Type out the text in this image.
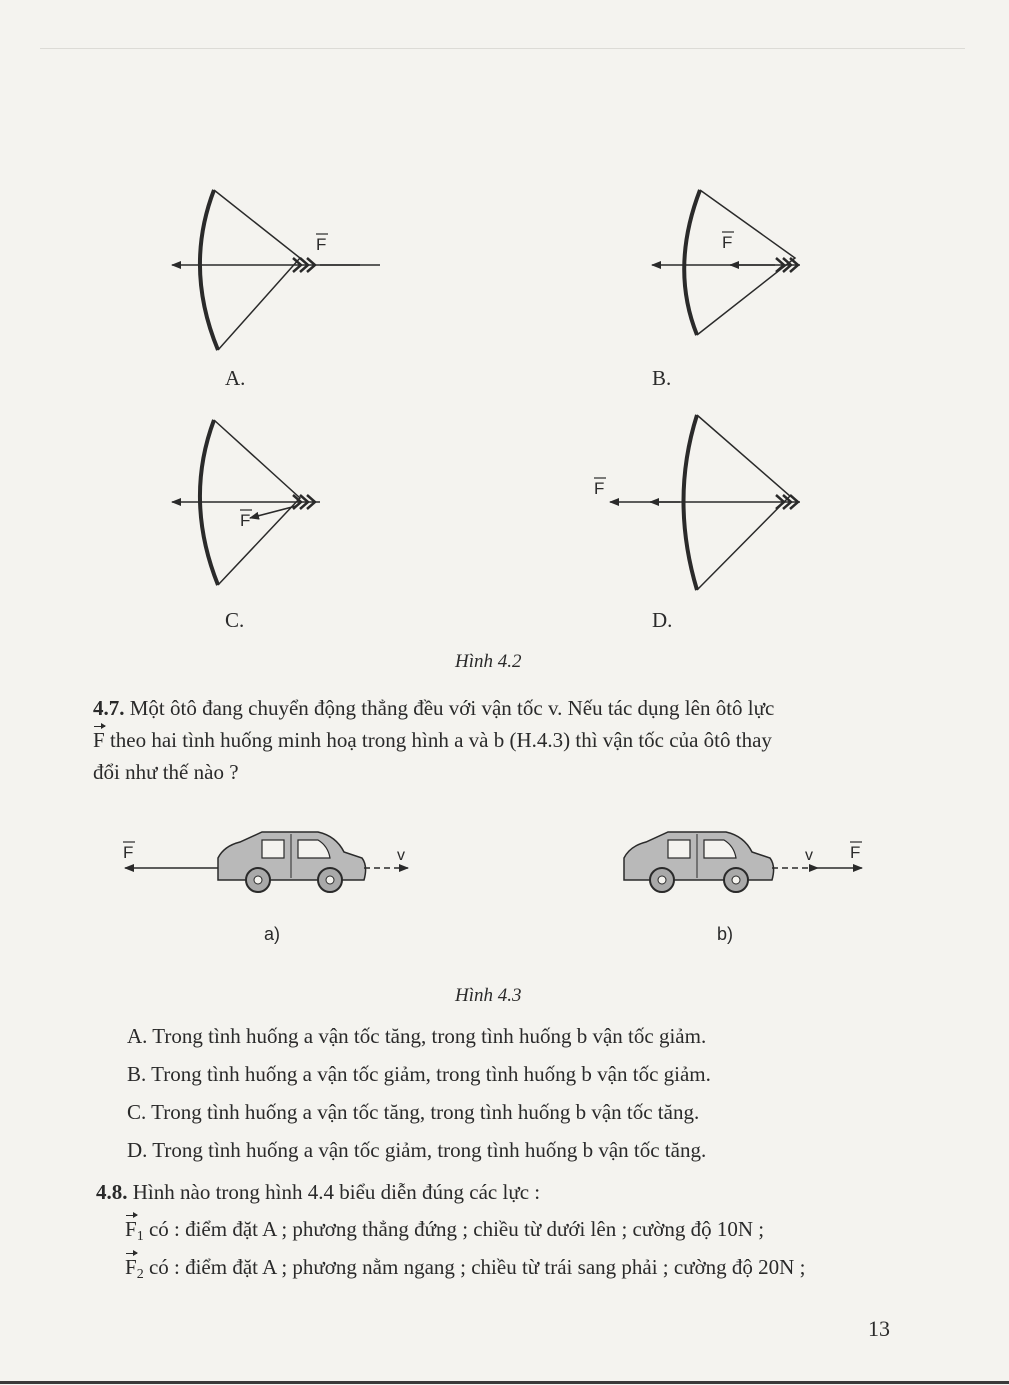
F	F
F
F
A.	B.
C.	D.
Hình 4.2
4.7. Một ôtô đang chuyển động thẳng đều với vận tốc v. Nếu tác dụng lên ôtô lực
F theo hai tình huống minh hoạ trong hình a và b (H.4.3) thì vận tốc của ôtô thay
đổi như thế nào ?
F	v	v F
a)	b)
Hình 4.3
A. Trong tình huống a vận tốc tăng, trong tình huống b vận tốc giảm.
B. Trong tình huống a vận tốc giảm, trong tình huống b vận tốc giảm.
C. Trong tình huống a vận tốc tăng, trong tình huống b vận tốc tăng.
D. Trong tình huống a vận tốc giảm, trong tình huống b vận tốc tăng.
4.8. Hình nào trong hình 4.4 biểu diễn đúng các lực :
$F_1$ có : điểm đặt A ; phương thẳng đứng ; chiều từ dưới lên ; cường độ 10N ;
$F_2$ có : điểm đặt A ; phương nằm ngang ; chiều từ trái sang phải ; cường độ 20N ;
13
